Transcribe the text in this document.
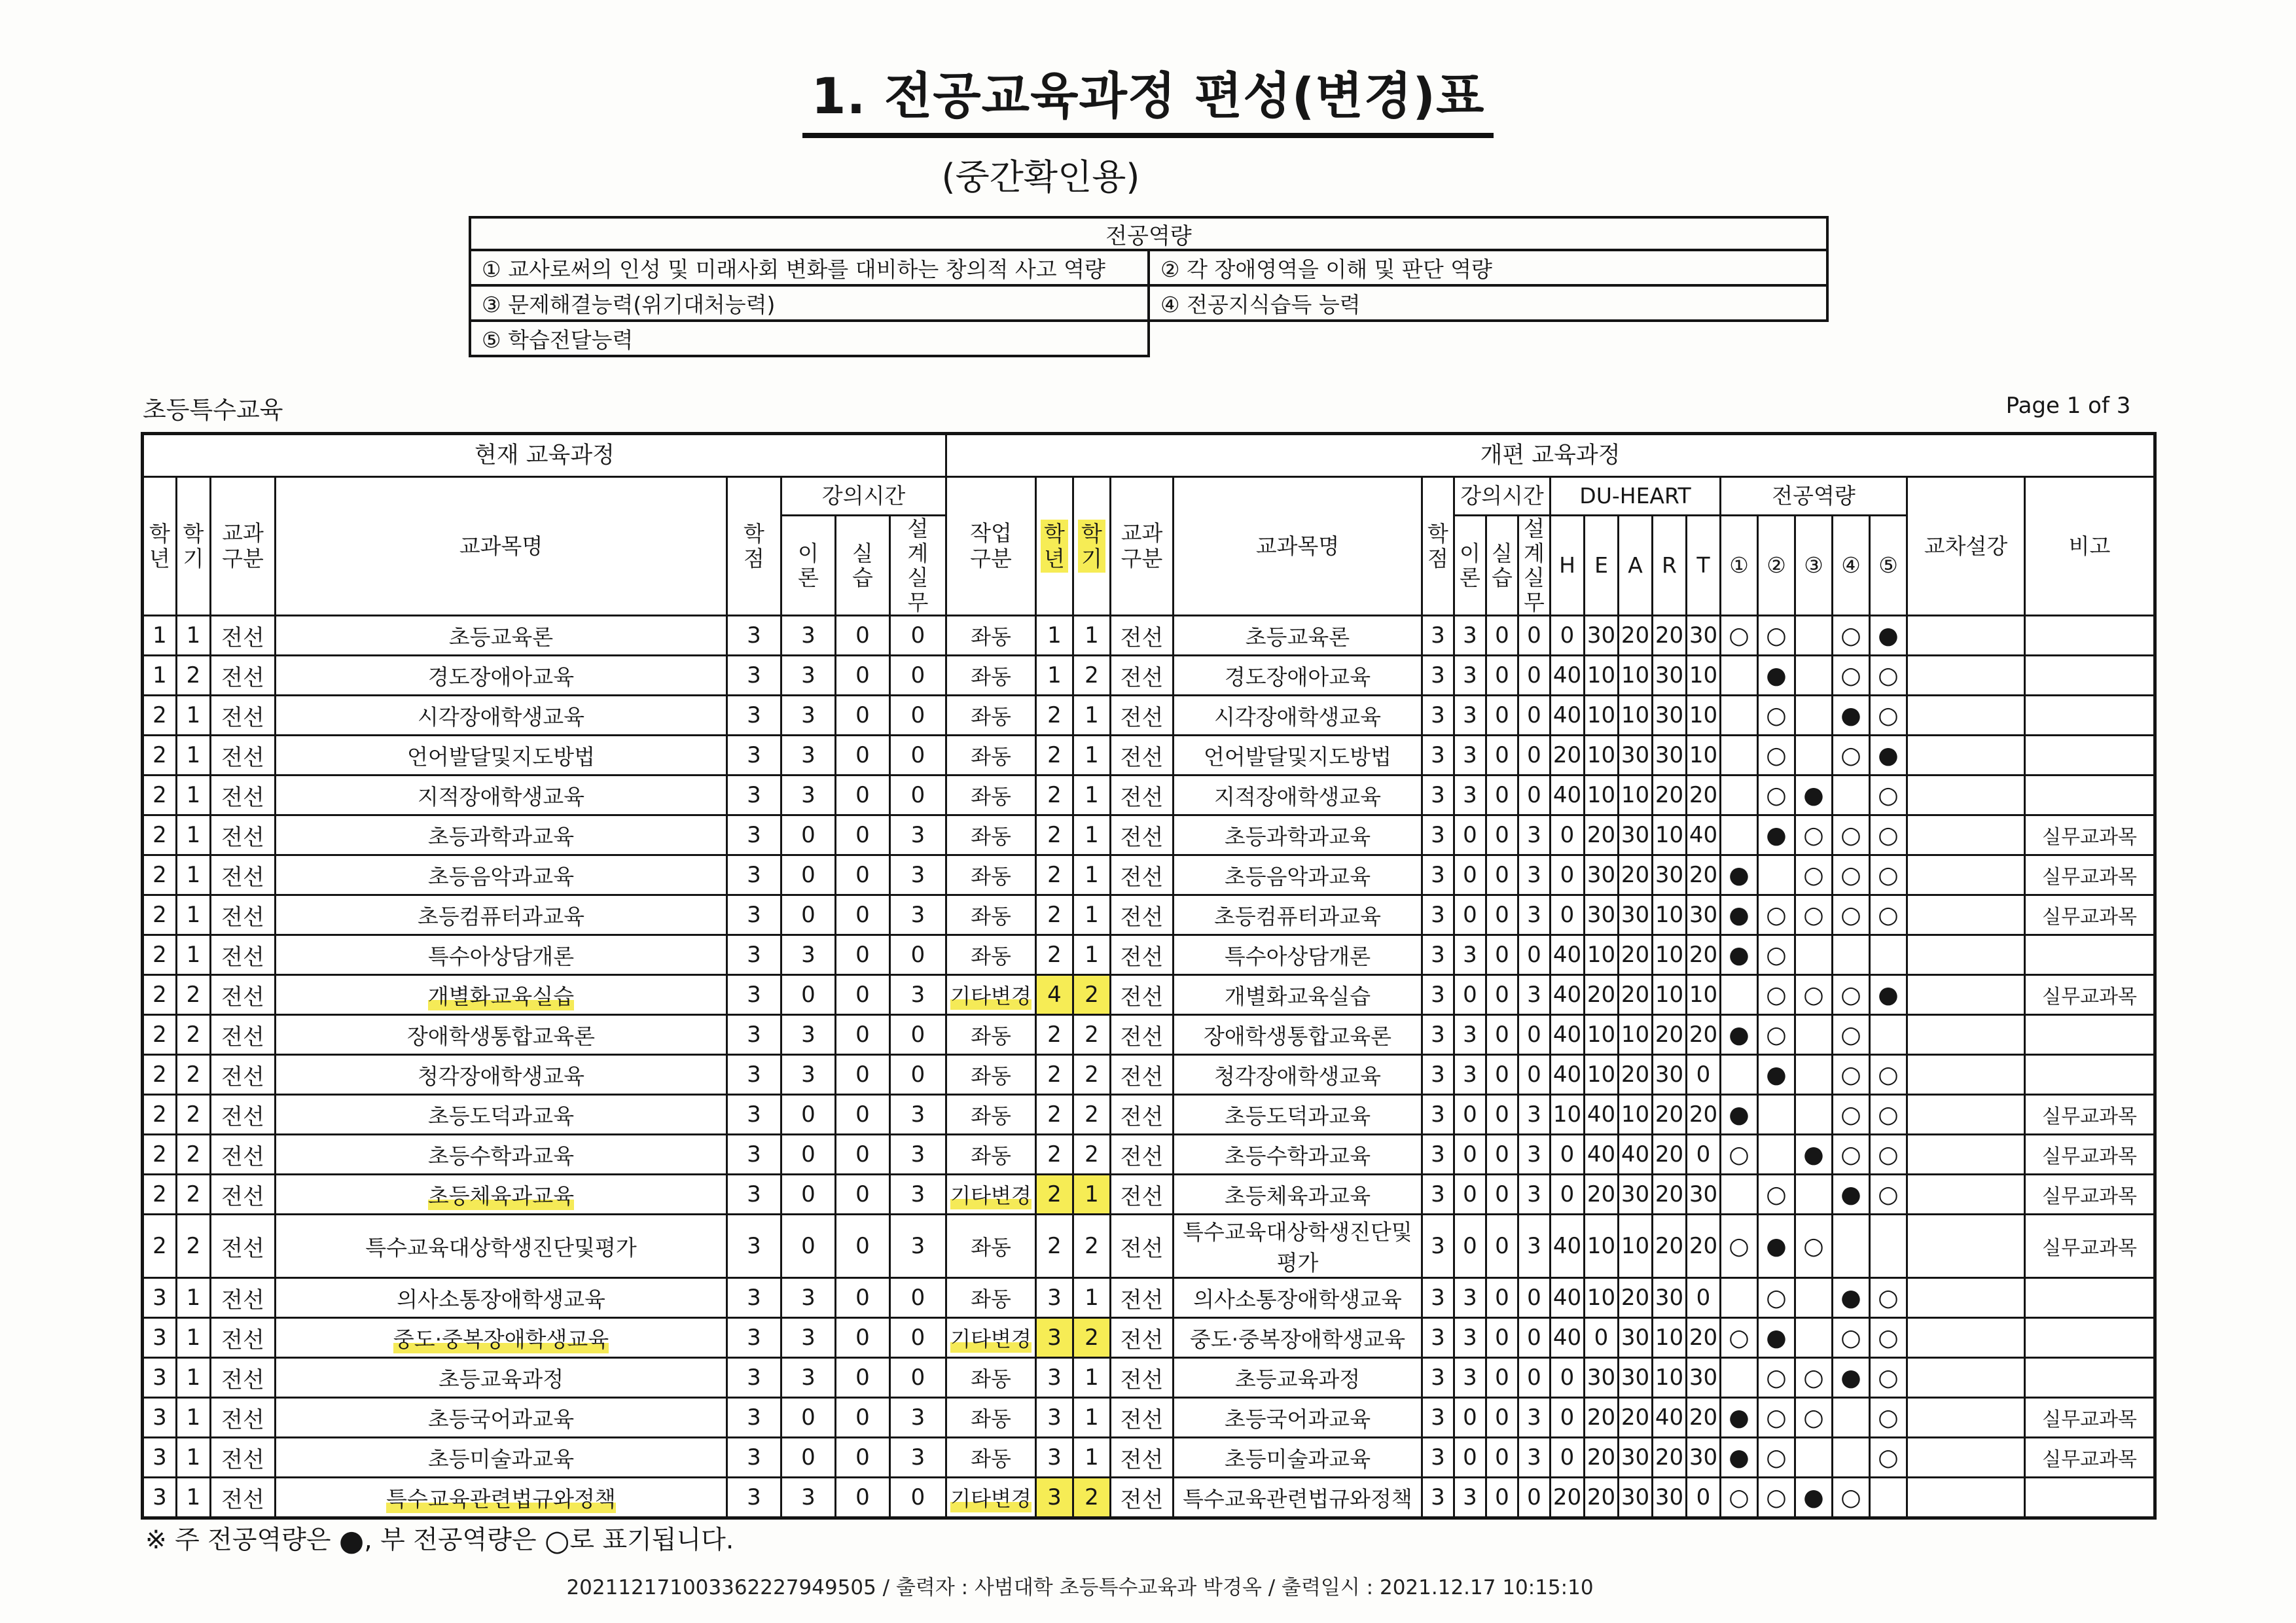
1. 전공교육과정 편성(변경)표
(중간확인용)
전공역량
① 교사로써의 인성 및 미래사회 변화를 대비하는 창의적 사고 역량	② 각 장애영역을 이해 및 판단 역량
③ 문제해결능력(위기대처능력)	④ 전공지식습득 능력
⑤ 학습전달능력
초등특수교육	Page 1 of 3
현재 교육과정								개편 교육과정																				
학년	학기	교과구분	교과목명	학점	강의시간			작업구분	학년	학기	교과구분	교과목명	학점	강의시간			DU-HEART					전공역량					교차설강	비고
					이론	실습	설계실무							이론	실습	설계실무	H	E	A	R	T	①	②	③	④	⑤		
1	1	전선	초등교육론	3	3	0	0	좌동	1	1	전선	초등교육론	3	3	0	0	0	30	20	20	30	○	○		○	●		
1	2	전선	경도장애아교육	3	3	0	0	좌동	1	2	전선	경도장애아교육	3	3	0	0	40	10	10	30	10		●		○	○		
2	1	전선	시각장애학생교육	3	3	0	0	좌동	2	1	전선	시각장애학생교육	3	3	0	0	40	10	10	30	10		○		●	○		
2	1	전선	언어발달및지도방법	3	3	0	0	좌동	2	1	전선	언어발달및지도방법	3	3	0	0	20	10	30	30	10		○		○	●		
2	1	전선	지적장애학생교육	3	3	0	0	좌동	2	1	전선	지적장애학생교육	3	3	0	0	40	10	10	20	20		○	●		○		
2	1	전선	초등과학과교육	3	0	0	3	좌동	2	1	전선	초등과학과교육	3	0	0	3	0	20	30	10	40		●	○	○	○		실무교과목
2	1	전선	초등음악과교육	3	0	0	3	좌동	2	1	전선	초등음악과교육	3	0	0	3	0	30	20	30	20	●		○	○	○		실무교과목
2	1	전선	초등컴퓨터과교육	3	0	0	3	좌동	2	1	전선	초등컴퓨터과교육	3	0	0	3	0	30	30	10	30	●	○	○	○	○		실무교과목
2	1	전선	특수아상담개론	3	3	0	0	좌동	2	1	전선	특수아상담개론	3	3	0	0	40	10	20	10	20	●	○					
2	2	전선	개별화교육실습	3	0	0	3	기타변경	4	2	전선	개별화교육실습	3	0	0	3	40	20	20	10	10		○	○	○	●		실무교과목
2	2	전선	장애학생통합교육론	3	3	0	0	좌동	2	2	전선	장애학생통합교육론	3	3	0	0	40	10	10	20	20	●	○		○			
2	2	전선	청각장애학생교육	3	3	0	0	좌동	2	2	전선	청각장애학생교육	3	3	0	0	40	10	20	30	0		●		○	○		
2	2	전선	초등도덕과교육	3	0	0	3	좌동	2	2	전선	초등도덕과교육	3	0	0	3	10	40	10	20	20	●			○	○		실무교과목
2	2	전선	초등수학과교육	3	0	0	3	좌동	2	2	전선	초등수학과교육	3	0	0	3	0	40	40	20	0	○		●	○	○		실무교과목
2	2	전선	초등체육과교육	3	0	0	3	기타변경	2	1	전선	초등체육과교육	3	0	0	3	0	20	30	20	30		○		●	○		실무교과목
2	2	전선	특수교육대상학생진단및평가	3	0	0	3	좌동	2	2	전선	특수교육대상학생진단및평가	3	0	0	3	40	10	10	20	20	○	●	○				실무교과목
3	1	전선	의사소통장애학생교육	3	3	0	0	좌동	3	1	전선	의사소통장애학생교육	3	3	0	0	40	10	20	30	0		○		●	○		
3	1	전선	중도·중복장애학생교육	3	3	0	0	기타변경	3	2	전선	중도·중복장애학생교육	3	3	0	0	40	0	30	10	20	○	●		○	○		
3	1	전선	초등교육과정	3	3	0	0	좌동	3	1	전선	초등교육과정	3	3	0	0	0	30	30	10	30		○	○	●	○		
3	1	전선	초등국어과교육	3	0	0	3	좌동	3	1	전선	초등국어과교육	3	0	0	3	0	20	20	40	20	●	○	○		○		실무교과목
3	1	전선	초등미술과교육	3	0	0	3	좌동	3	1	전선	초등미술과교육	3	0	0	3	0	20	30	20	30	●	○			○		실무교과목
3	1	전선	특수교육관련법규와정책	3	3	0	0	기타변경	3	2	전선	특수교육관련법규와정책	3	3	0	0	20	20	30	30	0	○	○	●	○			
※ 주 전공역량은 ●, 부 전공역량은 ○로 표기됩니다.
202112171003362227949505 / 출력자 : 사범대학 초등특수교육과 박경옥 / 출력일시 : 2021.12.17 10:15:10
